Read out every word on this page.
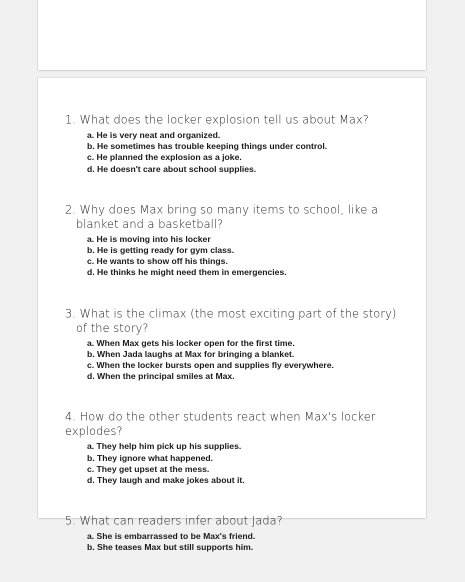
1. What does the locker explosion tell us about Max?

a. He is very neat and organized.
b. He sometimes has trouble keeping things under control.
c. He planned the explosion as a joke.
d. He doesn't care about school supplies.

2. Why does Max bring so many items to school, like a blanket and a basketball?

a. He is moving into his locker
b. He is getting ready for gym class.
c. He wants to show off his things.
d. He thinks he might need them in emergencies.

3. What is the climax (the most exciting part of the story) of the story?

a. When Max gets his locker open for the first time.
b. When Jada laughs at Max for bringing a blanket.
c. When the locker bursts open and supplies fly everywhere.
d. When the principal smiles at Max.

4. How do the other students react when Max's locker explodes?

a. They help him pick up his supplies.
b. They ignore what happened.
c. They get upset at the mess.
d. They laugh and make jokes about it.

5. What can readers infer about Jada?

a. She is embarrassed to be Max's friend.
b. She teases Max but still supports him.
